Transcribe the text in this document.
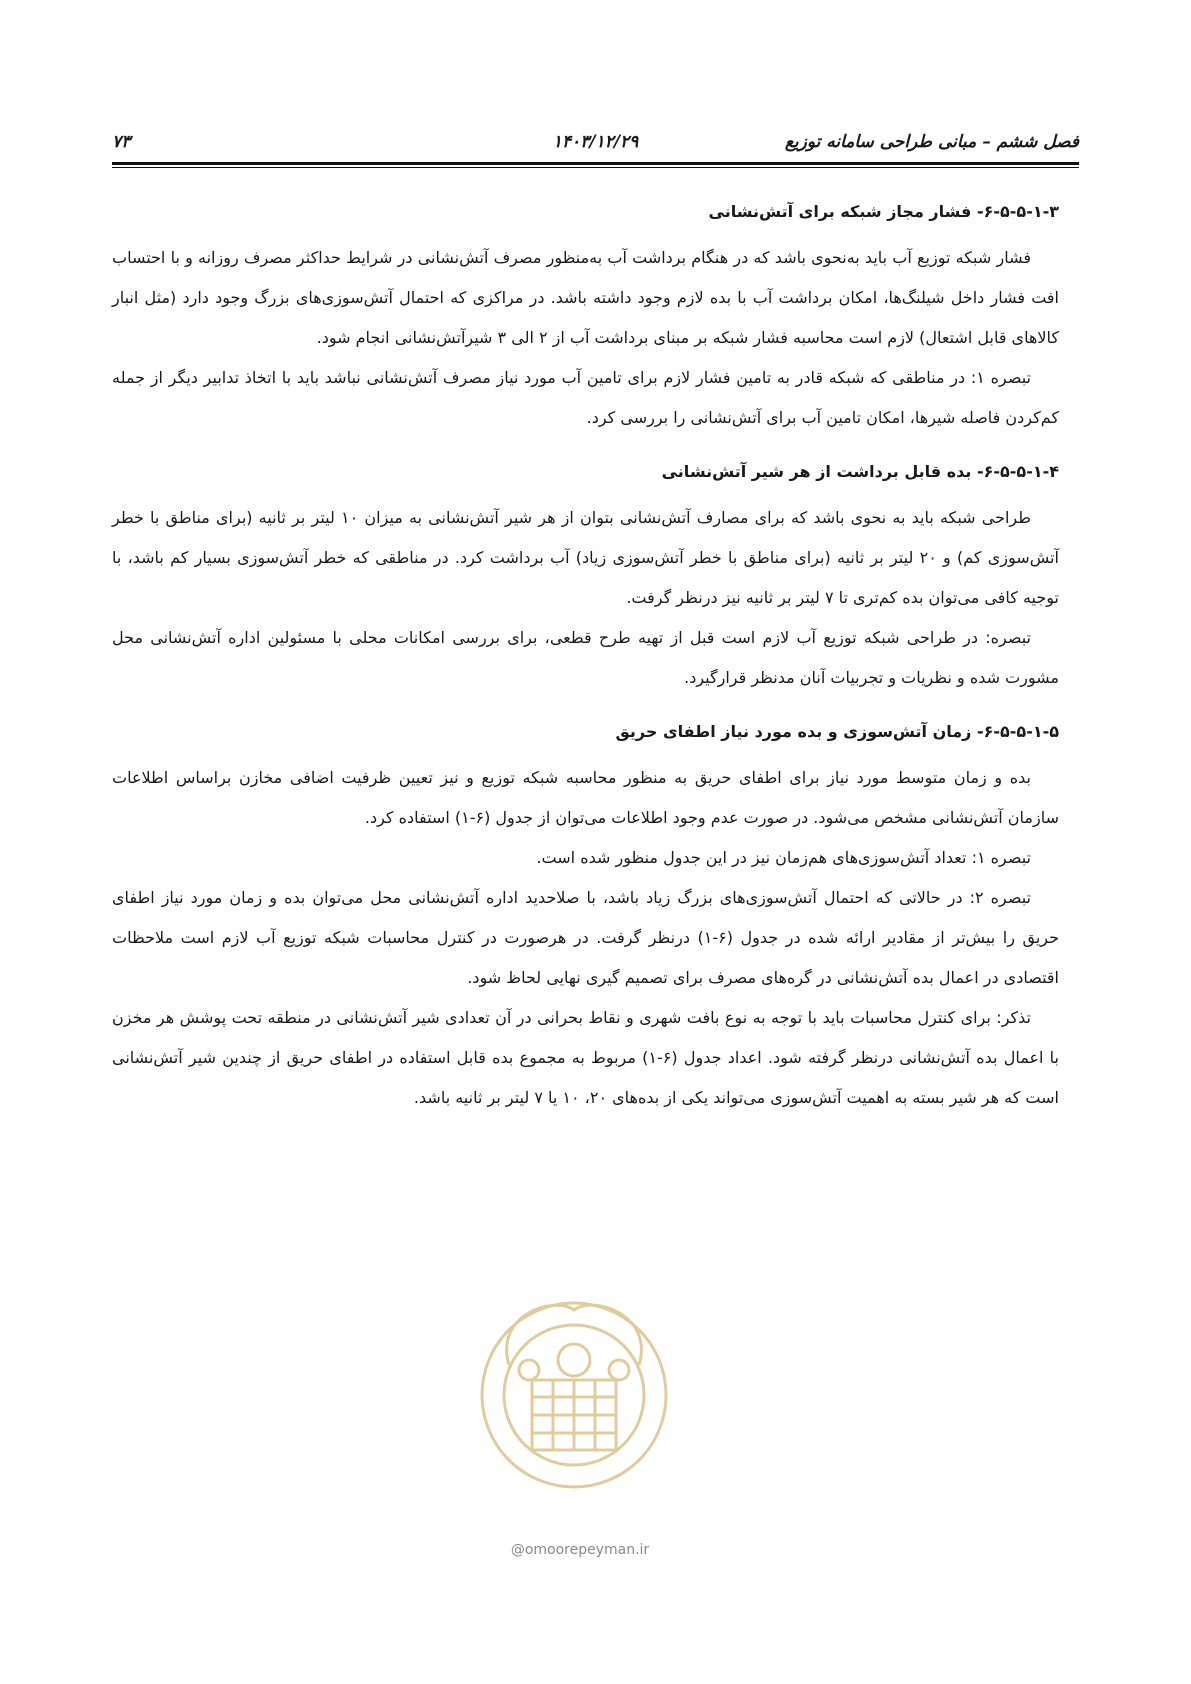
فصل ششم – مبانی طراحی سامانه توزیع
۱۴۰۳/۱۲/۲۹
۷۳
۶-۵-۵-۱-۳- فشار مجاز شبکه برای آتش‌نشانی

فشار شبکه توزیع آب باید به‌نحوی باشد که در هنگام برداشت آب به‌منظور مصرف آتش‌نشانی در شرایط حداکثر مصرف روزانه و با احتساب افت فشار داخل شیلنگ‌ها، امکان برداشت آب با بده لازم وجود داشته باشد. در مراکزی که احتمال آتش‌سوزی‌های بزرگ وجود دارد (مثل انبار کالاهای قابل اشتعال) لازم است محاسبه فشار شبکه بر مبنای برداشت آب از ۲ الی ۳ شیرآتش‌نشانی انجام شود.

تبصره ۱: در مناطقی که شبکه قادر به تامین فشار لازم برای تامین آب مورد نیاز مصرف آتش‌نشانی نباشد باید با اتخاذ تدابیر دیگر از جمله کم‌کردن فاصله شیرها، امکان تامین آب برای آتش‌نشانی را بررسی کرد.

۶-۵-۵-۱-۴- بده قابل برداشت از هر شیر آتش‌نشانی

طراحی شبکه باید به نحوی باشد که برای مصارف آتش‌نشانی بتوان از هر شیر آتش‌نشانی به میزان ۱۰ لیتر بر ثانیه (برای مناطق با خطر آتش‌سوزی کم) و ۲۰ لیتر بر ثانیه (برای مناطق با خطر آتش‌سوزی زیاد) آب برداشت کرد. در مناطقی که خطر آتش‌سوزی بسیار کم باشد، با توجیه کافی می‌توان بده کم‌تری تا ۷ لیتر بر ثانیه نیز درنظر گرفت.

تبصره: در طراحی شبکه توزیع آب لازم است قبل از تهیه طرح قطعی، برای بررسی امکانات محلی با مسئولین اداره آتش‌نشانی محل مشورت شده و نظریات و تجربیات آنان مدنظر قرارگیرد.

۶-۵-۵-۱-۵- زمان آتش‌سوزی و بده مورد نیاز اطفای حریق

بده و زمان متوسط مورد نیاز برای اطفای حریق به منظور محاسبه شبکه توزیع و نیز تعیین ظرفیت اضافی مخازن براساس اطلاعات سازمان آتش‌نشانی مشخص می‌شود. در صورت عدم وجود اطلاعات می‌توان از جدول (۶-۱) استفاده کرد.

تبصره ۱: تعداد آتش‌سوزی‌های هم‌زمان نیز در این جدول منظور شده است.

تبصره ۲: در حالاتی که احتمال آتش‌سوزی‌های بزرگ زیاد باشد، با صلاحدید اداره آتش‌نشانی محل می‌توان بده و زمان مورد نیاز اطفای حریق را بیش‌تر از مقادیر ارائه شده در جدول (۶-۱) درنظر گرفت. در هرصورت در کنترل محاسبات شبکه توزیع آب لازم است ملاحظات اقتصادی در اعمال بده آتش‌نشانی در گره‌های مصرف برای تصمیم گیری نهایی لحاظ شود.

تذکر: برای کنترل محاسبات باید با توجه به نوع بافت شهری و نقاط بحرانی در آن تعدادی شیر آتش‌نشانی در منطقه تحت پوشش هر مخزن با اعمال بده آتش‌نشانی درنظر گرفته شود. اعداد جدول (۶-۱) مربوط به مجموع بده قابل استفاده در اطفای حریق از چندین شیر آتش‌نشانی است که هر شیر بسته به اهمیت آتش‌سوزی می‌تواند یکی از بده‌های ۲۰، ۱۰ یا ۷ لیتر بر ثانیه باشد.

@omoorepeyman.ir
